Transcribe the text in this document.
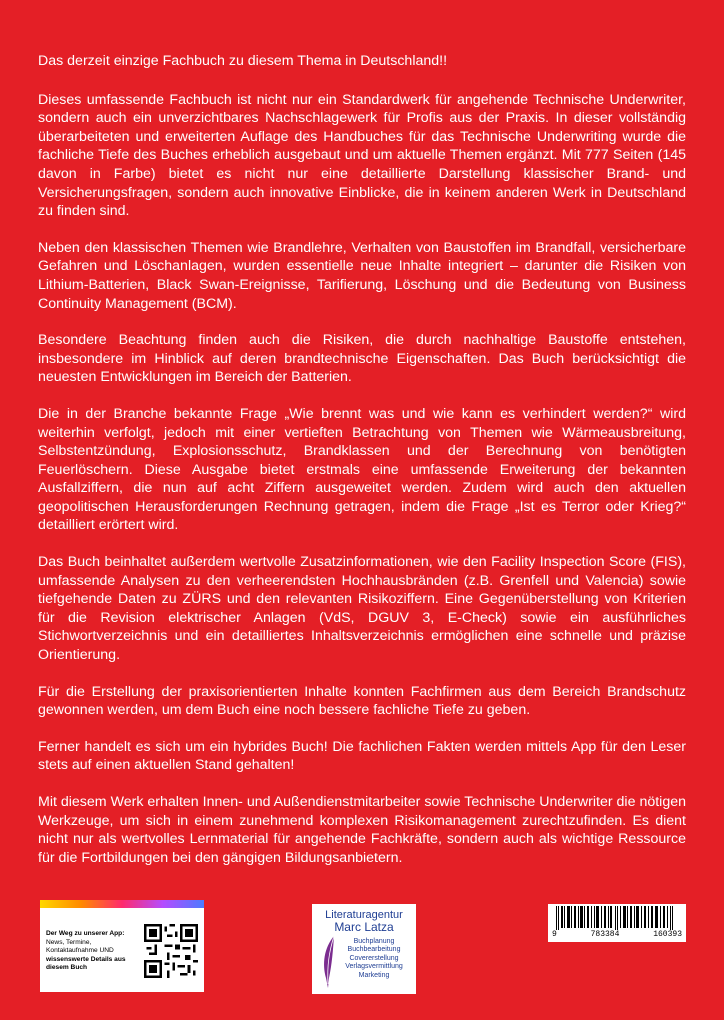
Das derzeit einzige Fachbuch zu diesem Thema in Deutschland!!

Dieses umfassende Fachbuch ist nicht nur ein Standardwerk für angehende Technische Underwriter, sondern auch ein unverzichtbares Nachschlagewerk für Profis aus der Praxis. In dieser vollständig überarbeiteten und erweiterten Auflage des Handbuches für das Technische Underwriting wurde die fachliche Tiefe des Buches erheblich ausgebaut und um aktuelle Themen ergänzt. Mit 777 Seiten (145 davon in Farbe) bietet es nicht nur eine detaillierte Darstellung klassischer Brand- und Versicherungsfragen, sondern auch innovative Einblicke, die in keinem anderen Werk in Deutschland zu finden sind.

Neben den klassischen Themen wie Brandlehre, Verhalten von Baustoffen im Brandfall, versicherbare Gefahren und Löschanlagen, wurden essentielle neue Inhalte integriert – darunter die Risiken von Lithium-Batterien, Black Swan-Ereignisse, Tarifierung, Löschung und die Bedeutung von Business Continuity Management (BCM).

Besondere Beachtung finden auch die Risiken, die durch nachhaltige Baustoffe entstehen, insbesondere im Hinblick auf deren brandtechnische Eigenschaften. Das Buch berücksichtigt die neuesten Entwicklungen im Bereich der Batterien.

Die in der Branche bekannte Frage „Wie brennt was und wie kann es verhindert werden?“ wird weiterhin verfolgt, jedoch mit einer vertieften Betrachtung von Themen wie Wärmeausbreitung, Selbstentzündung, Explosionsschutz, Brandklassen und der Berechnung von benötigten Feuerlöschern. Diese Ausgabe bietet erstmals eine umfassende Erweiterung der bekannten Ausfallziffern, die nun auf acht Ziffern ausgeweitet werden. Zudem wird auch den aktuellen geopolitischen Herausforderungen Rechnung getragen, indem die Frage „Ist es Terror oder Krieg?“ detailliert erörtert wird.

Das Buch beinhaltet außerdem wertvolle Zusatzinformationen, wie den Facility Inspection Score (FIS), umfassende Analysen zu den verheerendsten Hochhausbränden (z.B. Grenfell und Valencia) sowie tiefgehende Daten zu ZÜRS und den relevanten Risikoziffern. Eine Gegenüberstellung von Kriterien für die Revision elektrischer Anlagen (VdS, DGUV 3, E-Check) sowie ein ausführliches Stichwortverzeichnis und ein detailliertes Inhaltsverzeichnis ermöglichen eine schnelle und präzise Orientierung.

Für die Erstellung der praxisorientierten Inhalte konnten Fachfirmen aus dem Bereich Brandschutz gewonnen werden, um dem Buch eine noch bessere fachliche Tiefe zu geben.

Ferner handelt es sich um ein hybrides Buch! Die fachlichen Fakten werden mittels App für den Leser stets auf einen aktuellen Stand gehalten!

Mit diesem Werk erhalten Innen- und Außendienstmitarbeiter sowie Technische Underwriter die nötigen Werkzeuge, um sich in einem zunehmend komplexen Risikomanagement zurechtzufinden. Es dient nicht nur als wertvolles Lernmaterial für angehende Fachkräfte, sondern auch als wichtige Ressource für die Fortbildungen bei den gängigen Bildungsanbietern.

Der Weg zu unserer App:
News, Termine, Kontaktaufnahme UND
wissenswerte Details aus diesem Buch
Literaturagentur
Marc Latza
Buchplanung
Buchbearbeitung
Covererstellung
Verlagsvermittlung
Marketing
9	783384	160393
